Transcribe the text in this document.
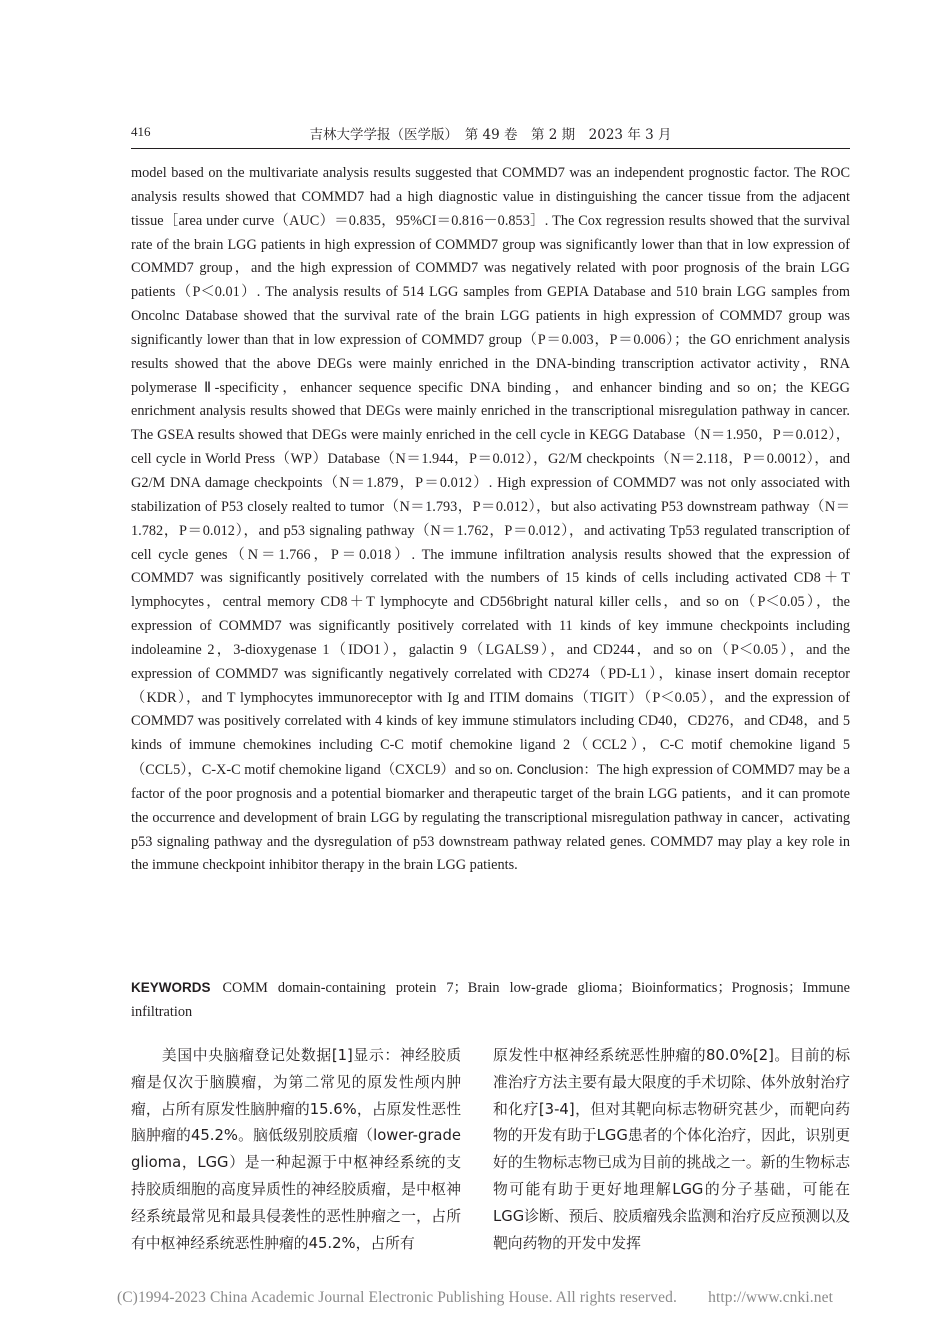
416	吉林大学学报（医学版）　第 49 卷　第 2 期　2023 年 3 月

model based on the multivariate analysis results suggested that COMMD7 was an independent prognostic factor. The ROC analysis results showed that COMMD7 had a high diagnostic value in distinguishing the cancer tissue from the adjacent tissue［area under curve（AUC）＝0.835，95%CI＝0.816－0.853］. The Cox regression results showed that the survival rate of the brain LGG patients in high expression of COMMD7 group was significantly lower than that in low expression of COMMD7 group，and the high expression of COMMD7 was negatively related with poor prognosis of the brain LGG patients（P＜0.01）. The analysis results of 514 LGG samples from GEPIA Database and 510 brain LGG samples from Oncolnc Database showed that the survival rate of the brain LGG patients in high expression of COMMD7 group was significantly lower than that in low expression of COMMD7 group（P＝0.003，P＝0.006）；the GO enrichment analysis results showed that the above DEGs were mainly enriched in the DNA-binding transcription activator activity，RNA polymerase Ⅱ-specificity，enhancer sequence specific DNA binding，and enhancer binding and so on；the KEGG enrichment analysis results showed that DEGs were mainly enriched in the transcriptional misregulation pathway in cancer. The GSEA results showed that DEGs were mainly enriched in the cell cycle in KEGG Database（N＝1.950，P＝0.012），cell cycle in World Press（WP）Database（N＝1.944，P＝0.012），G2/M checkpoints（N＝2.118，P＝0.0012），and G2/M DNA damage checkpoints（N＝1.879，P＝0.012）. High expression of COMMD7 was not only associated with stabilization of P53 closely realted to tumor（N＝1.793，P＝0.012），but also activating P53 downstream pathway（N＝1.782，P＝0.012），and p53 signaling pathway（N＝1.762，P＝0.012），and activating Tp53 regulated transcription of cell cycle genes（N＝1.766，P＝0.018）. The immune infiltration analysis results showed that the expression of COMMD7 was significantly positively correlated with the numbers of 15 kinds of cells including activated CD8＋T lymphocytes，central memory CD8＋T lymphocyte and CD56bright natural killer cells，and so on（P＜0.05），the expression of COMMD7 was significantly positively correlated with 11 kinds of key immune checkpoints including indoleamine 2，3-dioxygenase 1（IDO1），galactin 9（LGALS9），and CD244，and so on（P＜0.05），and the expression of COMMD7 was significantly negatively correlated with CD274（PD-L1），kinase insert domain receptor（KDR），and T lymphocytes immunoreceptor with Ig and ITIM domains（TIGIT）（P＜0.05），and the expression of COMMD7 was positively correlated with 4 kinds of key immune stimulators including CD40，CD276，and CD48，and 5 kinds of immune chemokines including C-C motif chemokine ligand 2（CCL2），C-C motif chemokine ligand 5（CCL5），C-X-C motif chemokine ligand（CXCL9）and so on. Conclusion：The high expression of COMMD7 may be a factor of the poor prognosis and a potential biomarker and therapeutic target of the brain LGG patients，and it can promote the occurrence and development of brain LGG by regulating the transcriptional misregulation pathway in cancer，activating p53 signaling pathway and the dysregulation of p53 downstream pathway related genes. COMMD7 may play a key role in the immune checkpoint inhibitor therapy in the brain LGG patients.

KEYWORDS COMM domain-containing protein 7；Brain low-grade glioma；Bioinformatics；Prognosis；Immune infiltration

　　美国中央脑瘤登记处数据[1]显示：神经胶质瘤是仅次于脑膜瘤，为第二常见的原发性颅内肿瘤，占所有原发性脑肿瘤的15.6%，占原发性恶性脑肿瘤的45.2%。脑低级别胶质瘤（lower-grade glioma，LGG）是一种起源于中枢神经系统的支持胶质细胞的高度异质性的神经胶质瘤，是中枢神经系统最常见和最具侵袭性的恶性肿瘤之一，占所有中枢神经系统恶性肿瘤的45.2%，占所有

原发性中枢神经系统恶性肿瘤的80.0%[2]。目前的标准治疗方法主要有最大限度的手术切除、体外放射治疗和化疗[3-4]，但对其靶向标志物研究甚少，而靶向药物的开发有助于LGG患者的个体化治疗，因此，识别更好的生物标志物已成为目前的挑战之一。新的生物标志物可能有助于更好地理解LGG的分子基础，可能在LGG诊断、预后、胶质瘤残余监测和治疗反应预测以及靶向药物的开发中发挥

(C)1994-2023 China Academic Journal Electronic Publishing House. All rights reserved.　　http://www.cnki.net
